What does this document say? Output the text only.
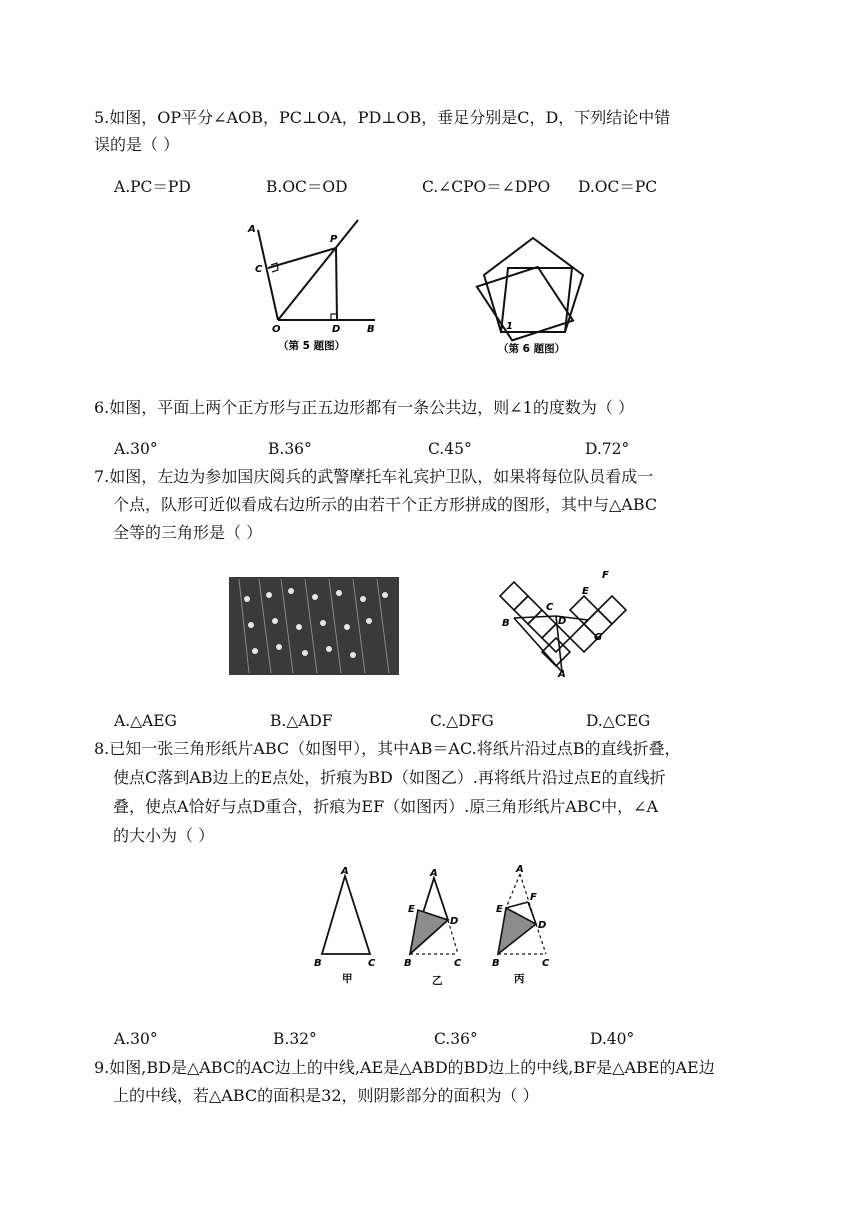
5.如图，OP平分∠AOB，PC⊥OA，PD⊥OB，垂足分别是C，D，下列结论中错
误的是（ ）
A.PC＝PD	B.OC＝OD	C.∠CPO＝∠DPO D.OC＝PC
A
P
C
O	D	B
（第 5 题图）
1
（第 6 题图）
6.如图，平面上两个正方形与正五边形都有一条公共边，则∠1的度数为（ ）
A.30°	B.36°	C.45°	D.72°
7.如图，左边为参加国庆阅兵的武警摩托车礼宾护卫队，如果将每位队员看成一
个点，队形可近似看成右边所示的由若干个正方形拼成的图形，其中与△ABC
全等的三角形是（ ）
B
C
D
E
F
G
A
A.△AEG	B.△ADF	C.△DFG	D.△CEG
8.已知一张三角形纸片ABC（如图甲），其中AB＝AC.将纸片沿过点B的直线折叠，
使点C落到AB边上的E点处，折痕为BD（如图乙）.再将纸片沿过点E的直线折
叠，使点A恰好与点D重合，折痕为EF（如图丙）.原三角形纸片ABC中，∠A
的大小为（ ）
A
B	C
甲
A
E
D
B	C
乙
A
E
F
D
B	C
丙
A.30°	B.32°	C.36°	D.40°
9.如图,BD是△ABC的AC边上的中线,AE是△ABD的BD边上的中线,BF是△ABE的AE边
上的中线，若△ABC的面积是32，则阴影部分的面积为（ ）
